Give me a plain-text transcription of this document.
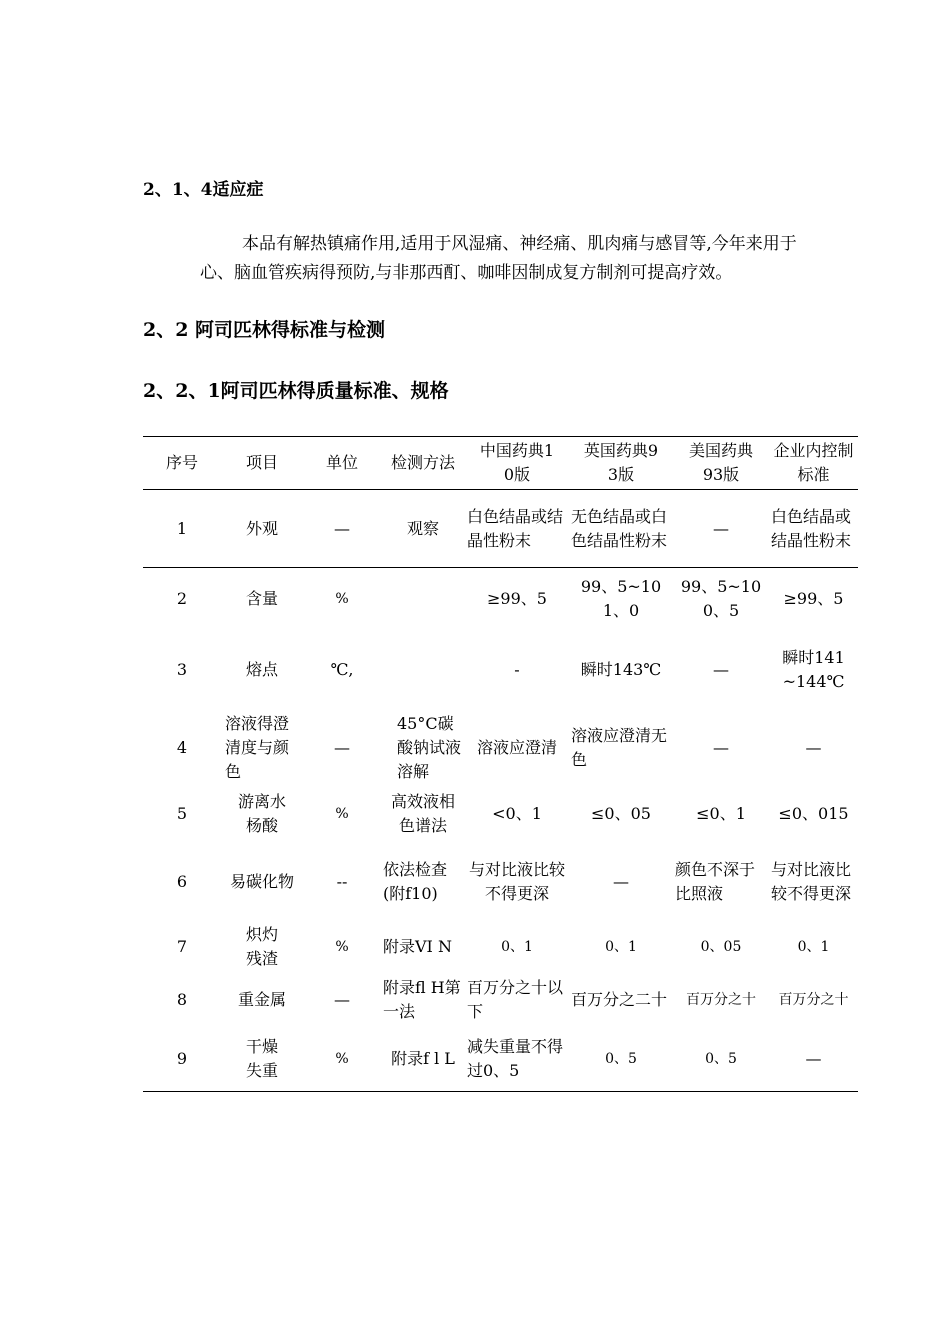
2、1、4适应症
本品有解热镇痛作用,适用于风湿痛、神经痛、肌肉痛与感冒等,今年来用于心、脑血管疾病得预防,与非那西酊、咖啡因制成复方制剂可提高疗效。
2、2 阿司匹林得标准与检测
2、2、1阿司匹林得质量标准、规格
序号	项目	单位	检测方法	中国药典10版	英国药典93版	美国药典93版	企业内控制标准
1	外观	—	观察	白色结晶或结晶性粉末	无色结晶或白色结晶性粉末	—	白色结晶或结晶性粉末
2	含量	%		≥99、5	99、5~101、0	99、5~100、5	≥99、5
3	熔点	℃,		-	瞬时143℃	—	瞬时141~144℃
4	溶液得澄清度与颜色	—	45°C碳酸钠试液溶解	溶液应澄清	溶液应澄清无色	—	—
5	游离水杨酸	%	高效液相色谱法	<0、1	≤0、05	≤0、1	≤0、015
6	易碳化物	--	依法检查(附f10)	与对比液比较不得更深	—	颜色不深于比照液	与对比液比较不得更深
7	炽灼残渣	%	附录VI N	0、1	0、1	0、05	0、1
8	重金属	—	附录fl H第一法	百万分之十以下	百万分之二十	百万分之十	百万分之十
9	干燥失重	%	附录f l L	减失重量不得过0、5	0、5	0、5	—
